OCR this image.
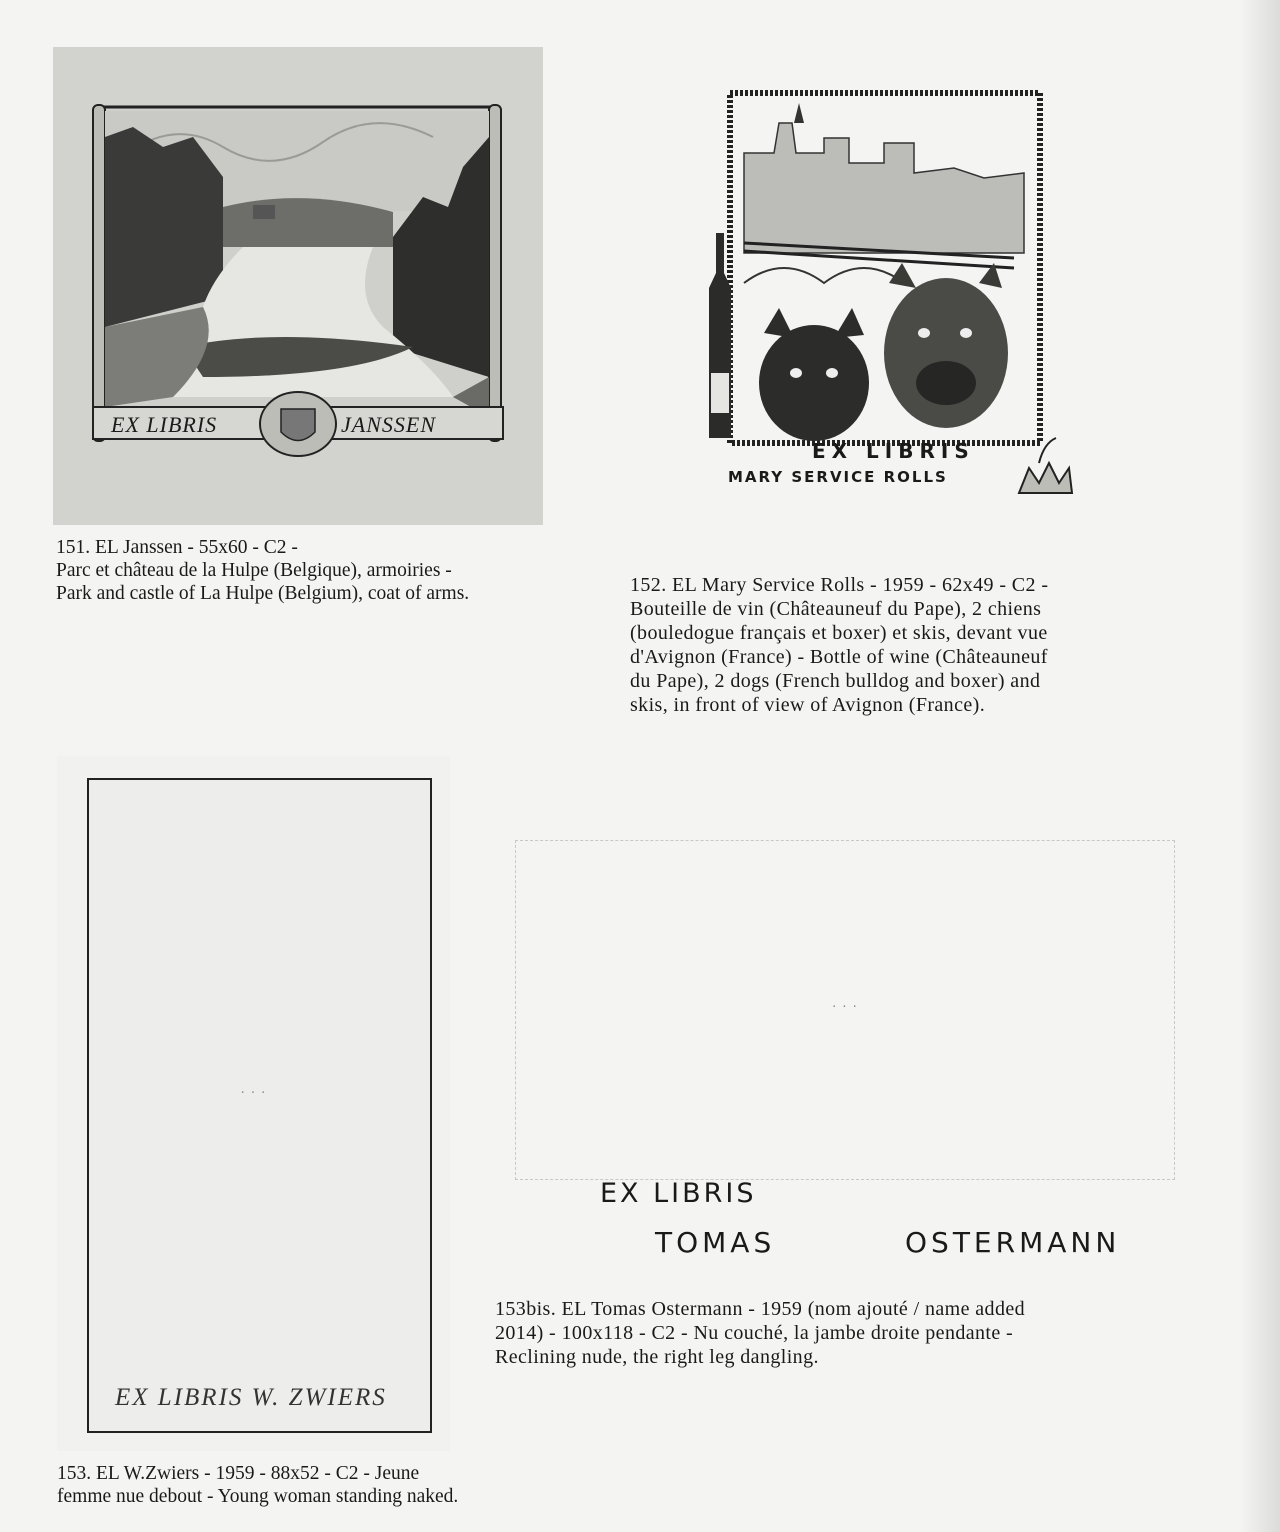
EX LIBRIS	JANSSEN
EX LIBRIS
MARY SERVICE ROLLS

151. EL Janssen - 55x60 - C2 -
Parc et château de la Hulpe (Belgique), armoiries -
Park and castle of La Hulpe (Belgium), coat of arms.	152. EL Mary Service Rolls - 1959 - 62x49 - C2 -
Bouteille de vin (Châteauneuf du Pape), 2 chiens
(bouledogue français et boxer) et skis, devant vue
d'Avignon (France) - Bottle of wine (Châteauneuf
du Pape), 2 dogs (French bulldog and boxer) and
skis, in front of view of Avignon (France).

· · ·
EX LIBRIS W. ZWIERS
· · ·
EX LIBRIS
TOMAS	OSTERMANN

153bis. EL Tomas Ostermann - 1959 (nom ajouté / name added
2014) - 100x118 - C2 - Nu couché, la jambe droite pendante -
Reclining nude, the right leg dangling.

153. EL W.Zwiers - 1959 - 88x52 - C2 - Jeune
femme nue debout - Young woman standing naked.
